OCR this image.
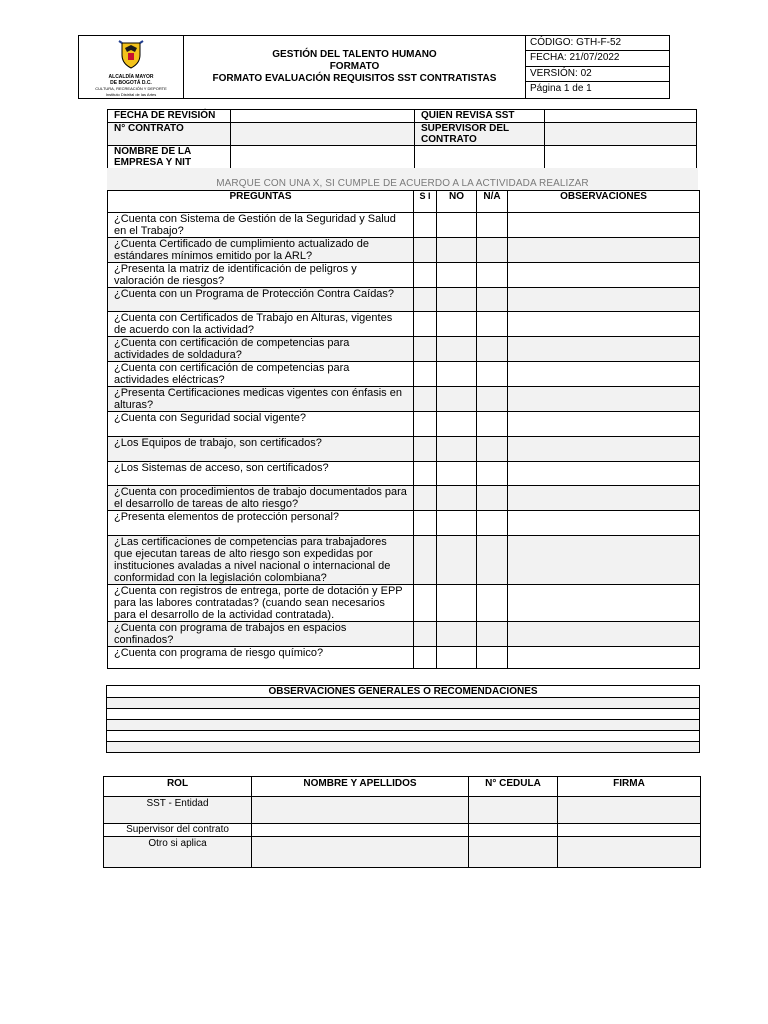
ALCALDÍA MAYOR
DE BOGOTÁ D.C.
CULTURA, RECREACIÓN Y DEPORTE
Instituto Distrital de las Artes

GESTIÓN DEL TALENTO HUMANO
FORMATO
FORMATO EVALUACIÓN REQUISITOS SST CONTRATISTAS
	CÓDIGO: GTH-F-52
FECHA: 21/07/2022
VERSIÓN: 02
Página 1 de 1
FECHA DE REVISIÓN		QUIEN REVISA SST	
N° CONTRATO		SUPERVISOR DEL CONTRATO	
NOMBRE DE LA EMPRESA Y NIT			
MARQUE CON UNA X, SI CUMPLE DE ACUERDO A LA ACTIVIDADA REALIZAR
PREGUNTAS	S I	NO	N/A	OBSERVACIONES
¿Cuenta con Sistema de Gestión de la Seguridad y Salud en el Trabajo?				
¿Cuenta Certificado de cumplimiento actualizado de estándares mínimos emitido por la ARL?				
¿Presenta la matriz de identificación de peligros y valoración de riesgos?				
¿Cuenta con un Programa de Protección Contra Caídas?				
¿Cuenta con Certificados de Trabajo en Alturas, vigentes de acuerdo con la actividad?				
¿Cuenta con certificación de competencias para actividades de soldadura?				
¿Cuenta con certificación de competencias para actividades eléctricas?				
¿Presenta Certificaciones medicas vigentes con énfasis en alturas?				
¿Cuenta con Seguridad social vigente?				
¿Los Equipos de trabajo, son certificados?				
¿Los Sistemas de acceso, son certificados?				
¿Cuenta con procedimientos de trabajo documentados para el desarrollo de tareas de alto riesgo?				
¿Presenta elementos de protección personal?				
¿Las certificaciones de competencias para trabajadores que ejecutan tareas de alto riesgo son expedidas por instituciones avaladas a nivel nacional o internacional de conformidad con la legislación colombiana?				
¿Cuenta con registros de entrega, porte de dotación y EPP para las labores contratadas? (cuando sean necesarios para el desarrollo de la actividad contratada).				
¿Cuenta con programa de trabajos en espacios confinados?				
¿Cuenta con programa de riesgo químico?				
OBSERVACIONES GENERALES O RECOMENDACIONES

ROL	NOMBRE Y APELLIDOS	N° CEDULA	FIRMA
SST - Entidad			
Supervisor del contrato			
Otro si aplica			
